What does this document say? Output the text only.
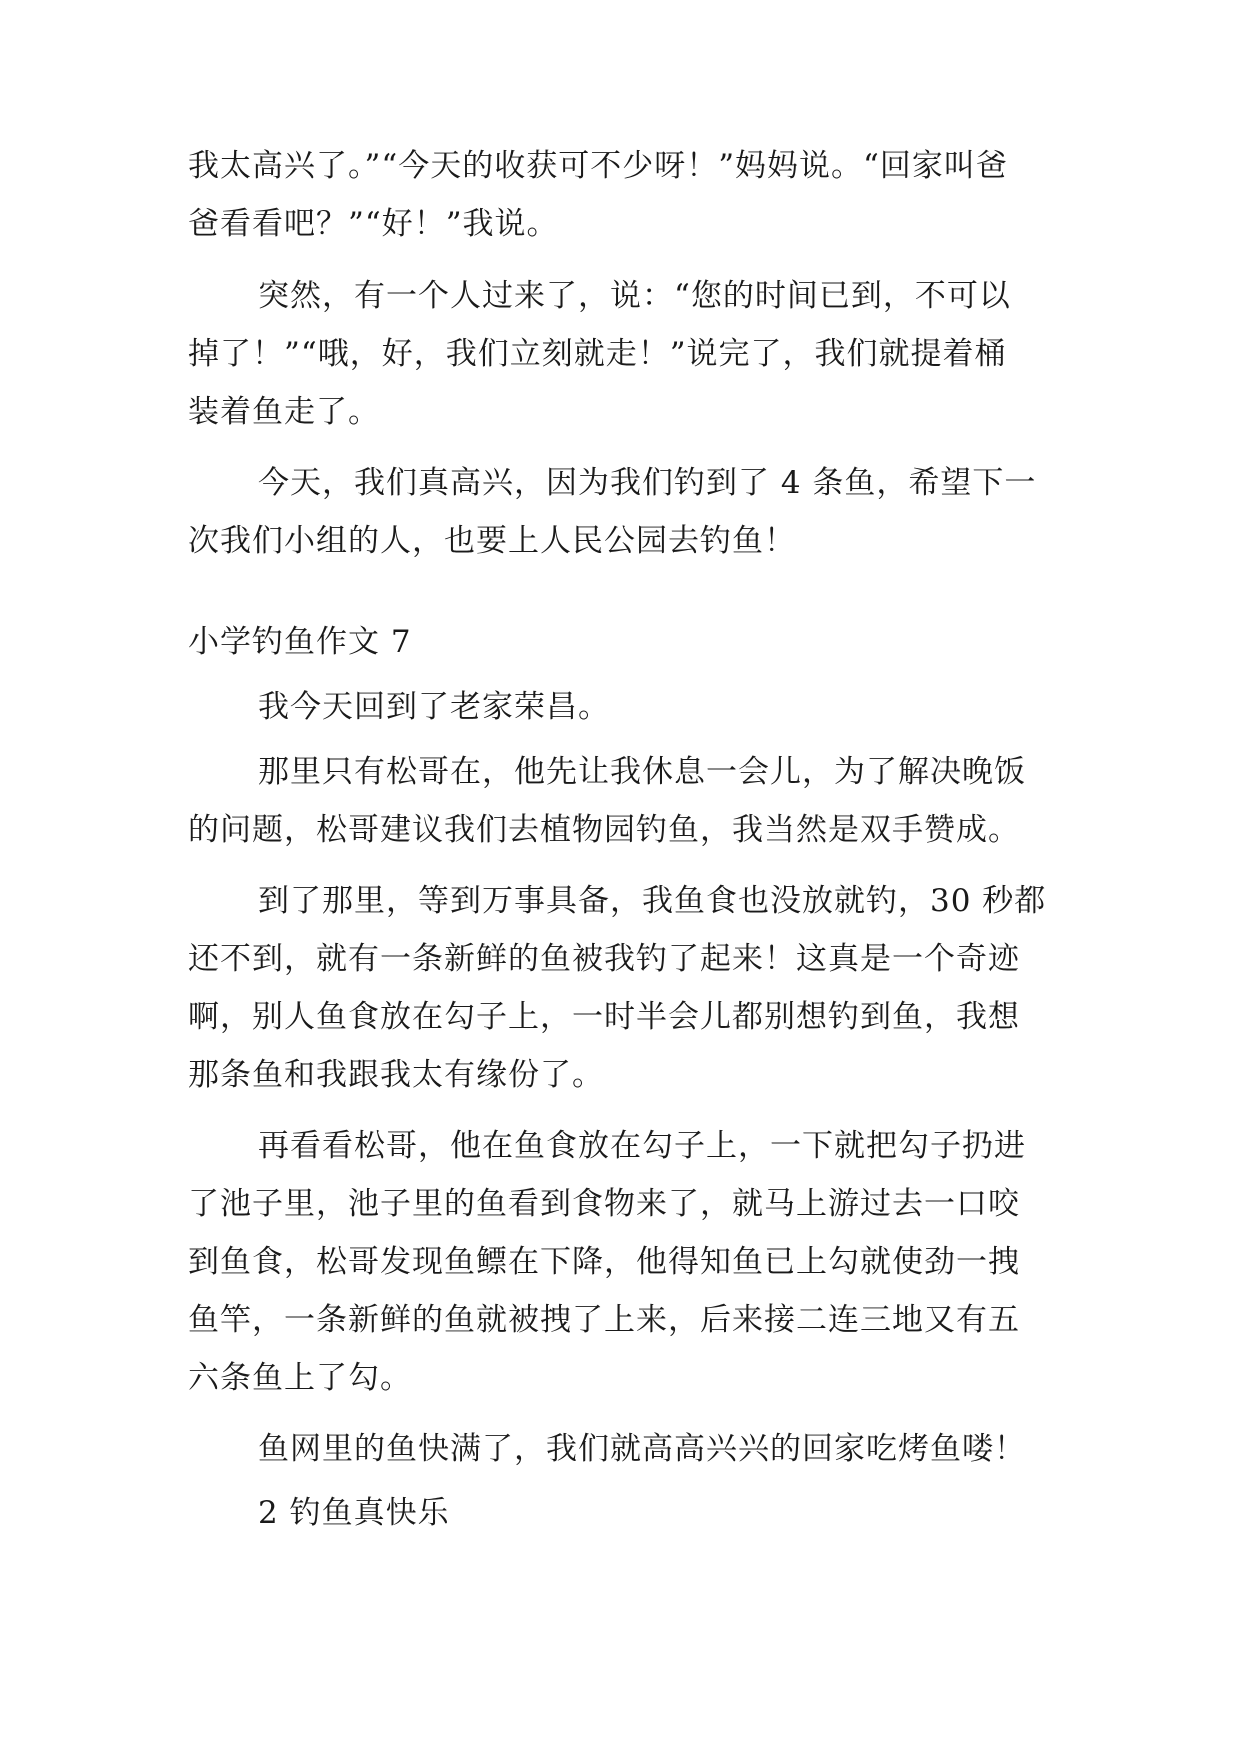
我太高兴了。”“今天的收获可不少呀！”妈妈说。“回家叫爸
爸看看吧？”“好！”我说。
突然，有一个人过来了，说：“您的时间已到，不可以
掉了！”“哦，好，我们立刻就走！”说完了，我们就提着桶
装着鱼走了。
今天，我们真高兴，因为我们钓到了 4 条鱼，希望下一
次我们小组的人，也要上人民公园去钓鱼！
小学钓鱼作文 7
我今天回到了老家荣昌。
那里只有松哥在，他先让我休息一会儿，为了解决晚饭
的问题，松哥建议我们去植物园钓鱼，我当然是双手赞成。
到了那里，等到万事具备，我鱼食也没放就钓，30 秒都
还不到，就有一条新鲜的鱼被我钓了起来！这真是一个奇迹
啊，别人鱼食放在勾子上，一时半会儿都别想钓到鱼，我想
那条鱼和我跟我太有缘份了。
再看看松哥，他在鱼食放在勾子上，一下就把勾子扔进
了池子里，池子里的鱼看到食物来了，就马上游过去一口咬
到鱼食，松哥发现鱼鳔在下降，他得知鱼已上勾就使劲一拽
鱼竿，一条新鲜的鱼就被拽了上来，后来接二连三地又有五
六条鱼上了勾。
鱼网里的鱼快满了，我们就高高兴兴的回家吃烤鱼喽！
2 钓鱼真快乐
